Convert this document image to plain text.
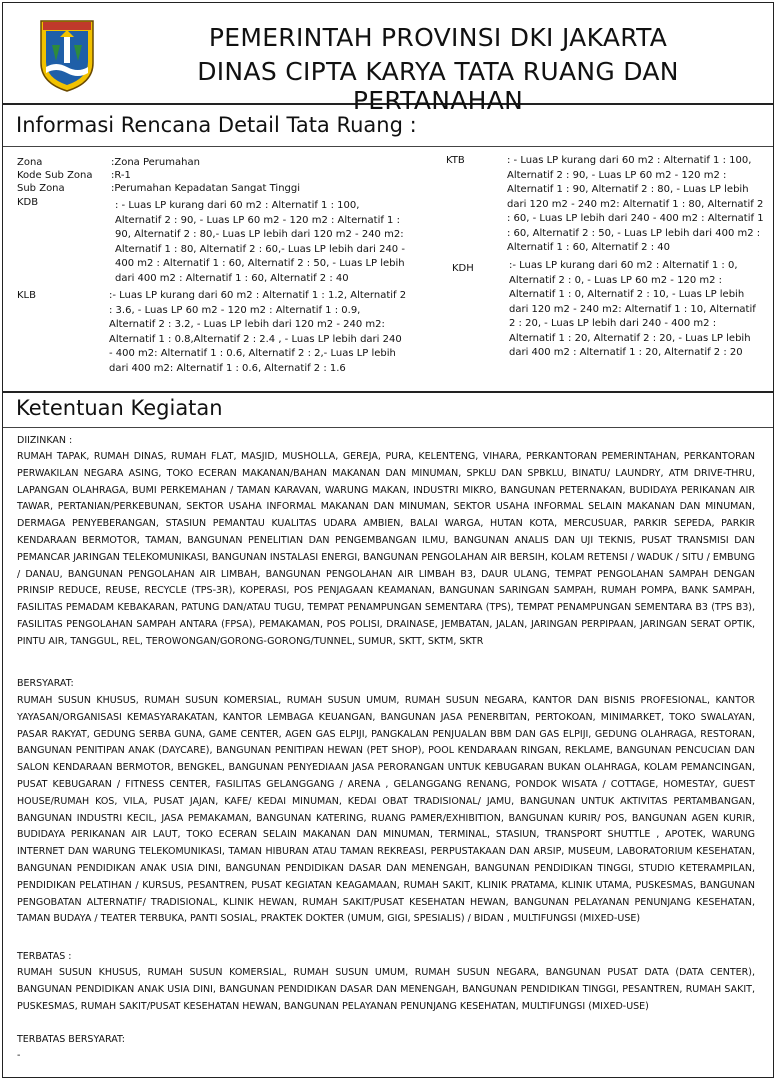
PEMERINTAH PROVINSI DKI JAKARTA
DINAS CIPTA KARYA TATA RUANG DAN PERTANAHAN
Informasi Rencana Detail Tata Ruang :
Zona	:Zona Perumahan
Kode Sub Zona :R-1
Sub Zona	:Perumahan Kepadatan Sangat Tinggi
KDB	: - Luas LP kurang dari 60 m2 : Alternatif 1 : 100, Alternatif 2 : 90, - Luas LP 60 m2 - 120 m2 : Alternatif 1 : 90, Alternatif 2 : 80,- Luas LP lebih dari 120 m2 - 240 m2: Alternatif 1 : 80, Alternatif 2 : 60,- Luas LP lebih dari 240 - 400 m2 : Alternatif 1 : 60, Alternatif 2 : 50, - Luas LP lebih dari 400 m2 : Alternatif 1 : 60, Alternatif 2 : 40
KLB	:- Luas LP kurang dari 60 m2 : Alternatif 1 : 1.2, Alternatif 2 : 3.6, - Luas LP 60 m2 - 120 m2 : Alternatif 1 : 0.9, Alternatif 2 : 3.2, - Luas LP lebih dari 120 m2 - 240 m2: Alternatif 1 : 0.8,Alternatif 2 : 2.4 , - Luas LP lebih dari 240 - 400 m2: Alternatif 1 : 0.6, Alternatif 2 : 2,- Luas LP lebih dari 400 m2: Alternatif 1 : 0.6, Alternatif 2 : 1.6
KTB	: - Luas LP kurang dari 60 m2 : Alternatif 1 : 100, Alternatif 2 : 90, - Luas LP 60 m2 - 120 m2 : Alternatif 1 : 90, Alternatif 2 : 80, - Luas LP lebih dari 120 m2 - 240 m2: Alternatif 1 : 80, Alternatif 2 : 60, - Luas LP lebih dari 240 - 400 m2 : Alternatif 1 : 60, Alternatif 2 : 50, - Luas LP lebih dari 400 m2 : Alternatif 1 : 60, Alternatif 2 : 40
KDH	:- Luas LP kurang dari 60 m2 : Alternatif 1 : 0, Alternatif 2 : 0, - Luas LP 60 m2 - 120 m2 : Alternatif 1 : 0, Alternatif 2 : 10, - Luas LP lebih dari 120 m2 - 240 m2: Alternatif 1 : 10, Alternatif 2 : 20, - Luas LP lebih dari 240 - 400 m2 : Alternatif 1 : 20, Alternatif 2 : 20, - Luas LP lebih dari 400 m2 : Alternatif 1 : 20, Alternatif 2 : 20
Ketentuan Kegiatan
DIIZINKAN :
RUMAH TAPAK, RUMAH DINAS, RUMAH FLAT, MASJID, MUSHOLLA, GEREJA, PURA, KELENTENG, VIHARA, PERKANTORAN PEMERINTAHAN, PERKANTORAN PERWAKILAN NEGARA ASING, TOKO ECERAN MAKANAN/BAHAN MAKANAN DAN MINUMAN, SPKLU DAN SPBKLU, BINATU/ LAUNDRY, ATM DRIVE-THRU, LAPANGAN OLAHRAGA, BUMI PERKEMAHAN / TAMAN KARAVAN, WARUNG MAKAN, INDUSTRI MIKRO, BANGUNAN PETERNAKAN, BUDIDAYA PERIKANAN AIR TAWAR, PERTANIAN/PERKEBUNAN, SEKTOR USAHA INFORMAL MAKANAN DAN MINUMAN, SEKTOR USAHA INFORMAL SELAIN MAKANAN DAN MINUMAN, DERMAGA PENYEBERANGAN, STASIUN PEMANTAU KUALITAS UDARA AMBIEN, BALAI WARGA, HUTAN KOTA, MERCUSUAR, PARKIR SEPEDA, PARKIR KENDARAAN BERMOTOR, TAMAN, BANGUNAN PENELITIAN DAN PENGEMBANGAN ILMU, BANGUNAN ANALIS DAN UJI TEKNIS, PUSAT TRANSMISI DAN PEMANCAR JARINGAN TELEKOMUNIKASI, BANGUNAN INSTALASI ENERGI, BANGUNAN PENGOLAHAN AIR BERSIH, KOLAM RETENSI / WADUK / SITU / EMBUNG / DANAU, BANGUNAN PENGOLAHAN AIR LIMBAH, BANGUNAN PENGOLAHAN AIR LIMBAH B3, DAUR ULANG, TEMPAT PENGOLAHAN SAMPAH DENGAN PRINSIP REDUCE, REUSE, RECYCLE (TPS-3R), KOPERASI, POS PENJAGAAN KEAMANAN, BANGUNAN SARINGAN SAMPAH, RUMAH POMPA, BANK SAMPAH, FASILITAS PEMADAM KEBAKARAN, PATUNG DAN/ATAU TUGU, TEMPAT PENAMPUNGAN SEMENTARA (TPS), TEMPAT PENAMPUNGAN SEMENTARA B3 (TPS B3), FASILITAS PENGOLAHAN SAMPAH ANTARA (FPSA), PEMAKAMAN, POS POLISI, DRAINASE, JEMBATAN, JALAN, JARINGAN PERPIPAAN, JARINGAN SERAT OPTIK, PINTU AIR, TANGGUL, REL, TEROWONGAN/GORONG-GORONG/TUNNEL, SUMUR, SKTT, SKTM, SKTR
BERSYARAT:
RUMAH SUSUN KHUSUS, RUMAH SUSUN KOMERSIAL, RUMAH SUSUN UMUM, RUMAH SUSUN NEGARA, KANTOR DAN BISNIS PROFESIONAL, KANTOR YAYASAN/ORGANISASI KEMASYARAKATAN, KANTOR LEMBAGA KEUANGAN, BANGUNAN JASA PENERBITAN, PERTOKOAN, MINIMARKET, TOKO SWALAYAN, PASAR RAKYAT, GEDUNG SERBA GUNA, GAME CENTER, AGEN GAS ELPIJI, PANGKALAN PENJUALAN BBM DAN GAS ELPIJI, GEDUNG OLAHRAGA, RESTORAN, BANGUNAN PENITIPAN ANAK (DAYCARE), BANGUNAN PENITIPAN HEWAN (PET SHOP), POOL KENDARAAN RINGAN, REKLAME, BANGUNAN PENCUCIAN DAN SALON KENDARAAN BERMOTOR, BENGKEL, BANGUNAN PENYEDIAAN JASA PERORANGAN UNTUK KEBUGARAN BUKAN OLAHRAGA, KOLAM PEMANCINGAN, PUSAT KEBUGARAN / FITNESS CENTER, FASILITAS GELANGGANG / ARENA , GELANGGANG RENANG, PONDOK WISATA / COTTAGE, HOMESTAY, GUEST HOUSE/RUMAH KOS, VILA, PUSAT JAJAN, KAFE/ KEDAI MINUMAN, KEDAI OBAT TRADISIONAL/ JAMU, BANGUNAN UNTUK AKTIVITAS PERTAMBANGAN, BANGUNAN INDUSTRI KECIL, JASA PEMAKAMAN, BANGUNAN KATERING, RUANG PAMER/EXHIBITION, BANGUNAN KURIR/ POS, BANGUNAN AGEN KURIR, BUDIDAYA PERIKANAN AIR LAUT, TOKO ECERAN SELAIN MAKANAN DAN MINUMAN, TERMINAL, STASIUN, TRANSPORT SHUTTLE , APOTEK, WARUNG INTERNET DAN WARUNG TELEKOMUNIKASI, TAMAN HIBURAN ATAU TAMAN REKREASI, PERPUSTAKAAN DAN ARSIP, MUSEUM, LABORATORIUM KESEHATAN, BANGUNAN PENDIDIKAN ANAK USIA DINI, BANGUNAN PENDIDIKAN DASAR DAN MENENGAH, BANGUNAN PENDIDIKAN TINGGI, STUDIO KETERAMPILAN, PENDIDIKAN PELATIHAN / KURSUS, PESANTREN, PUSAT KEGIATAN KEAGAMAAN, RUMAH SAKIT, KLINIK PRATAMA, KLINIK UTAMA, PUSKESMAS, BANGUNAN PENGOBATAN ALTERNATIF/ TRADISIONAL, KLINIK HEWAN, RUMAH SAKIT/PUSAT KESEHATAN HEWAN, BANGUNAN PELAYANAN PENUNJANG KESEHATAN, TAMAN BUDAYA / TEATER TERBUKA, PANTI SOSIAL, PRAKTEK DOKTER (UMUM, GIGI, SPESIALIS) / BIDAN , MULTIFUNGSI (MIXED-USE)
TERBATAS :
RUMAH SUSUN KHUSUS, RUMAH SUSUN KOMERSIAL, RUMAH SUSUN UMUM, RUMAH SUSUN NEGARA, BANGUNAN PUSAT DATA (DATA CENTER), BANGUNAN PENDIDIKAN ANAK USIA DINI, BANGUNAN PENDIDIKAN DASAR DAN MENENGAH, BANGUNAN PENDIDIKAN TINGGI, PESANTREN, RUMAH SAKIT, PUSKESMAS, RUMAH SAKIT/PUSAT KESEHATAN HEWAN, BANGUNAN PELAYANAN PENUNJANG KESEHATAN, MULTIFUNGSI (MIXED-USE)
TERBATAS BERSYARAT:
-
